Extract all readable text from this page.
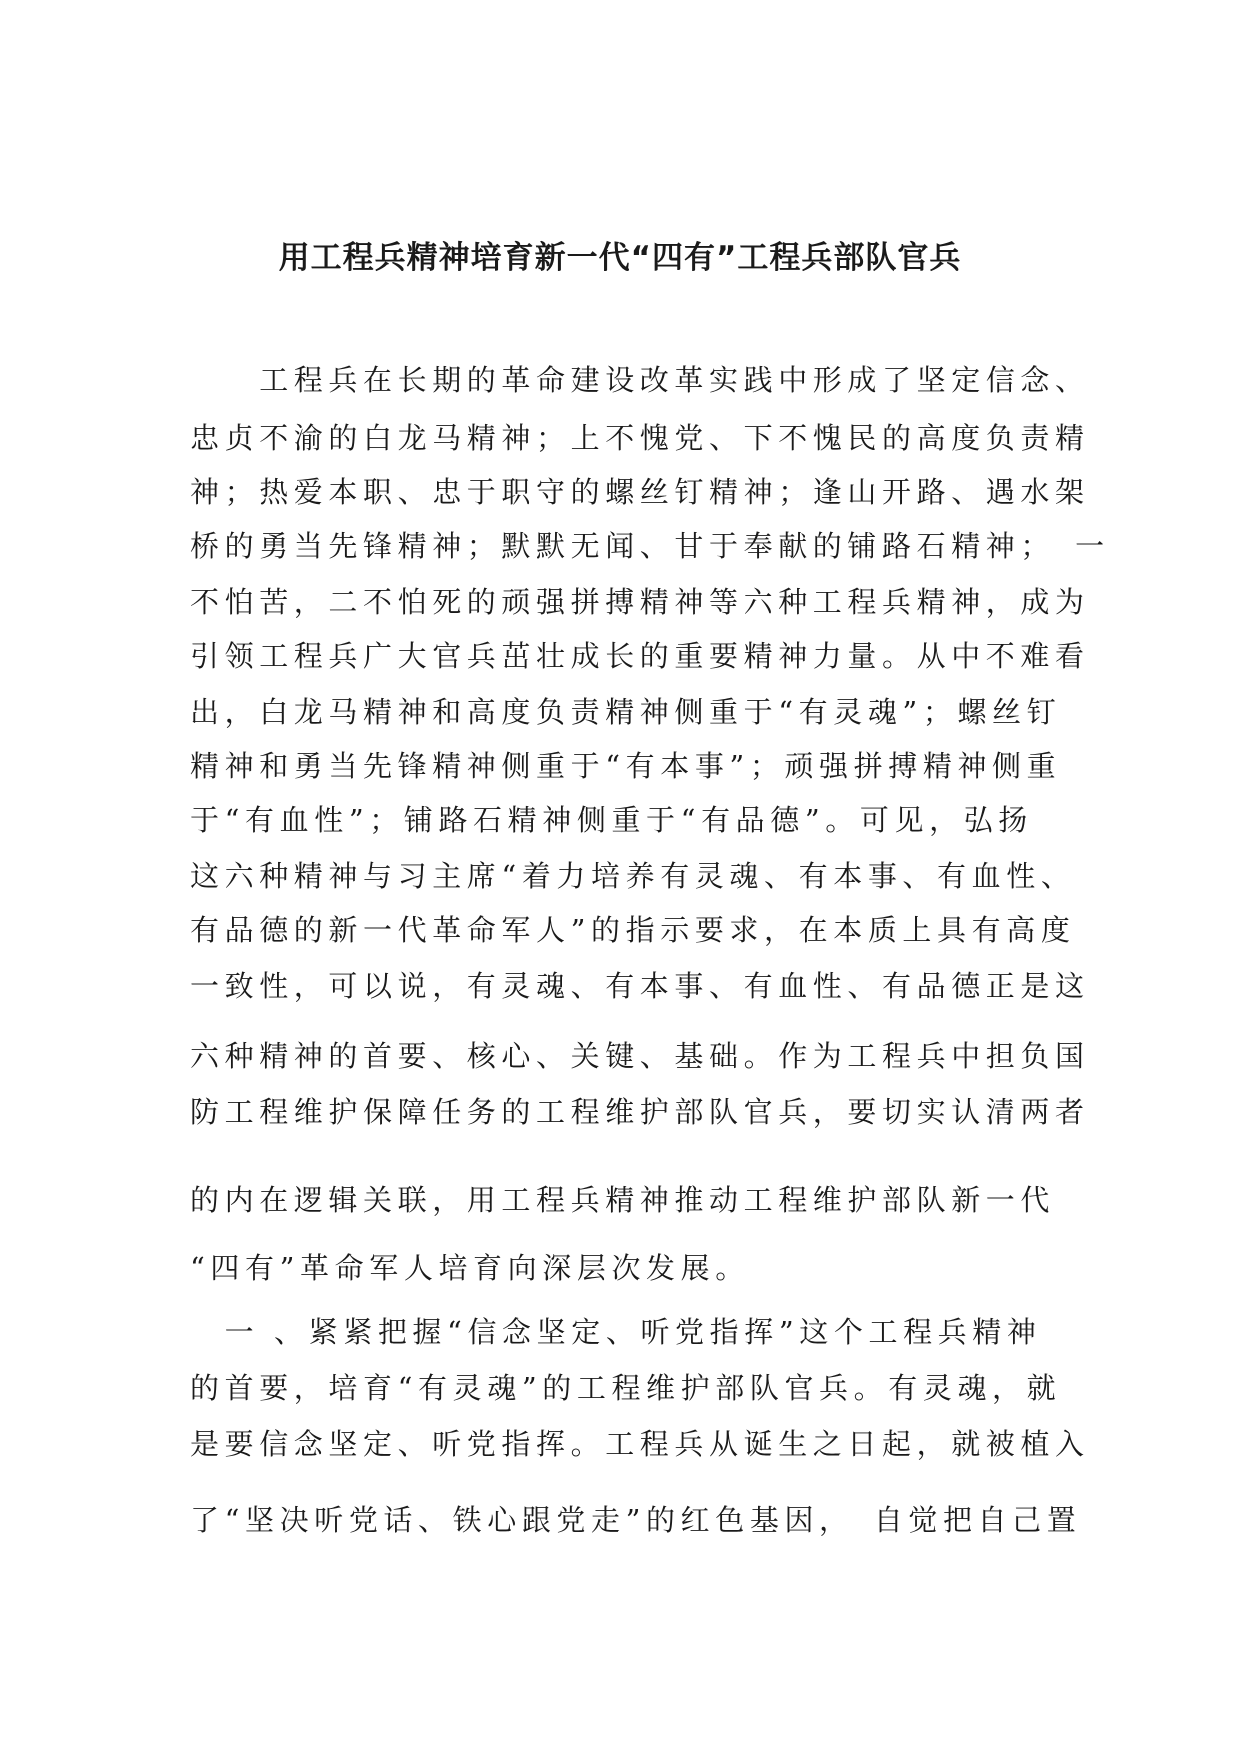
用工程兵精神培育新一代“四有”工程兵部队官兵
　　工程兵在长期的革命建设改革实践中形成了坚定信念、
忠贞不渝的白龙马精神；上不愧党、下不愧民的高度负责精
神；热爱本职、忠于职守的螺丝钉精神；逢山开路、遇水架
桥的勇当先锋精神；默默无闻、甘于奉献的铺路石精神；　一
不怕苦，二不怕死的顽强拼搏精神等六种工程兵精神，成为
引领工程兵广大官兵茁壮成长的重要精神力量。从中不难看
出，白龙马精神和高度负责精神侧重于“有灵魂”；螺丝钉
精神和勇当先锋精神侧重于“有本事”；顽强拼搏精神侧重
于“有血性”；铺路石精神侧重于“有品德”。可见，弘扬
这六种精神与习主席“着力培养有灵魂、有本事、有血性、
有品德的新一代革命军人”的指示要求，在本质上具有高度
一致性，可以说，有灵魂、有本事、有血性、有品德正是这
六种精神的首要、核心、关键、基础。作为工程兵中担负国
防工程维护保障任务的工程维护部队官兵，要切实认清两者
的内在逻辑关联，用工程兵精神推动工程维护部队新一代
“四有”革命军人培育向深层次发展。
　一 、紧紧把握“信念坚定、听党指挥”这个工程兵精神
的首要，培育“有灵魂”的工程维护部队官兵。有灵魂，就
是要信念坚定、听党指挥。工程兵从诞生之日起，就被植入
了“坚决听党话、铁心跟党走”的红色基因，　自觉把自己置
